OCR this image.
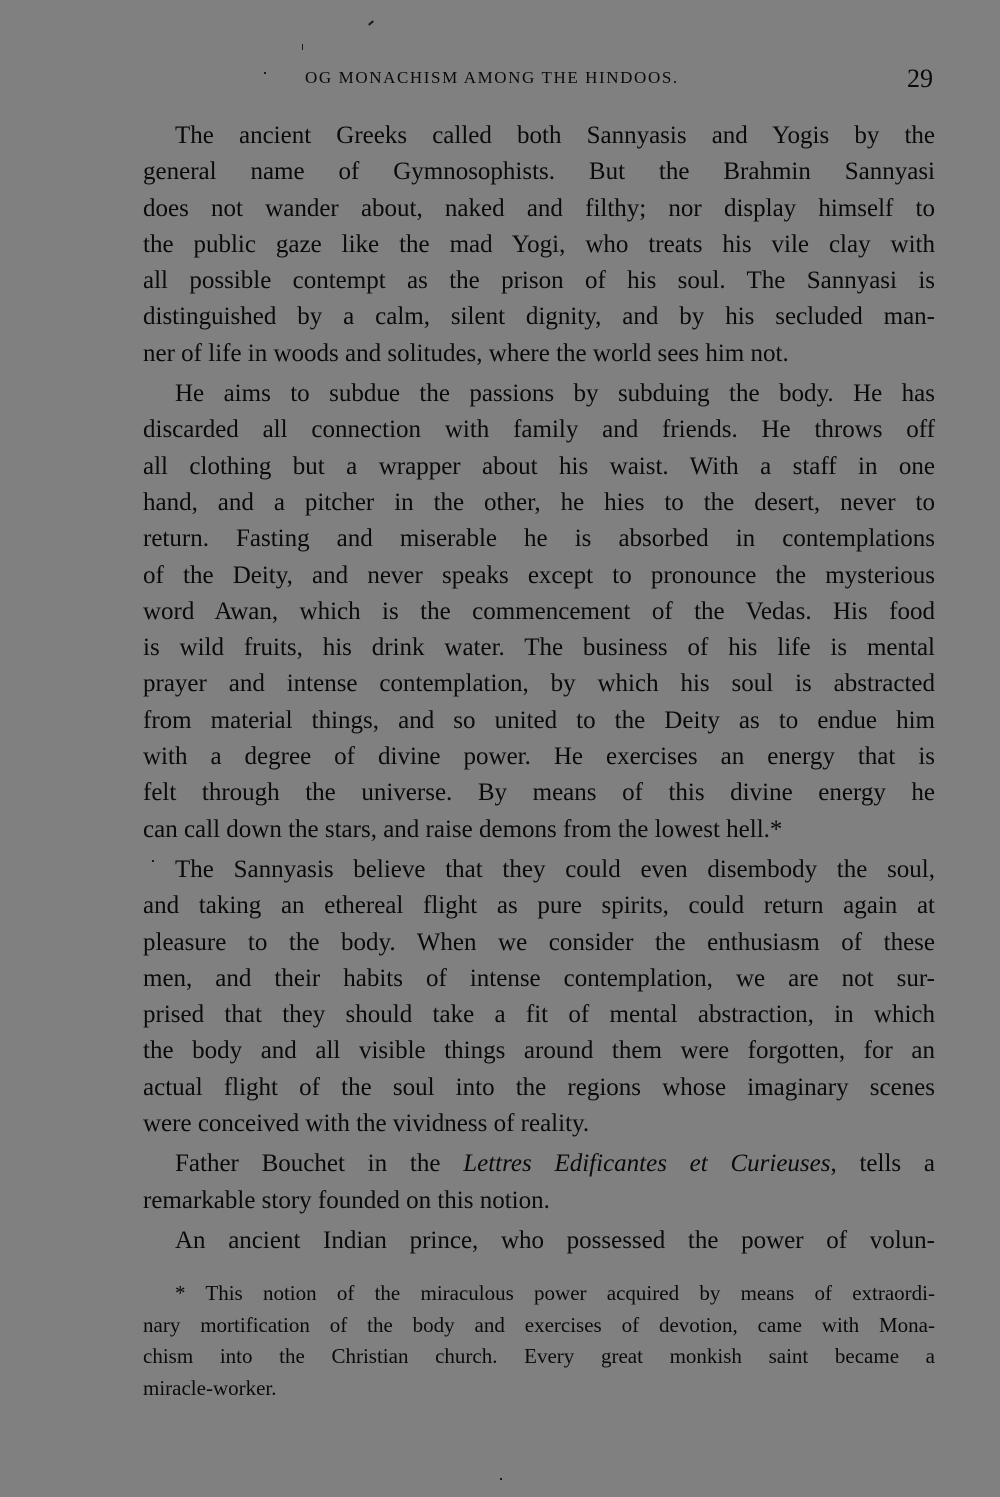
OG MONACHISM AMONG THE HINDOOS.	29
The ancient Greeks called both Sannyasis and Yogis by the
general name of Gymnosophists. But the Brahmin Sannyasi
does not wander about, naked and filthy; nor display himself to
the public gaze like the mad Yogi, who treats his vile clay with
all possible contempt as the prison of his soul. The Sannyasi is
distinguished by a calm, silent dignity, and by his secluded man-
ner of life in woods and solitudes, where the world sees him not.
He aims to subdue the passions by subduing the body. He has
discarded all connection with family and friends. He throws off
all clothing but a wrapper about his waist. With a staff in one
hand, and a pitcher in the other, he hies to the desert, never to
return. Fasting and miserable he is absorbed in contemplations
of the Deity, and never speaks except to pronounce the mysterious
word Awan, which is the commencement of the Vedas. His food
is wild fruits, his drink water. The business of his life is mental
prayer and intense contemplation, by which his soul is abstracted
from material things, and so united to the Deity as to endue him
with a degree of divine power. He exercises an energy that is
felt through the universe. By means of this divine energy he
can call down the stars, and raise demons from the lowest hell.*
The Sannyasis believe that they could even disembody the soul,
and taking an ethereal flight as pure spirits, could return again at
pleasure to the body. When we consider the enthusiasm of these
men, and their habits of intense contemplation, we are not sur-
prised that they should take a fit of mental abstraction, in which
the body and all visible things around them were forgotten, for an
actual flight of the soul into the regions whose imaginary scenes
were conceived with the vividness of reality.
Father Bouchet in the Lettres Edificantes et Curieuses, tells a
remarkable story founded on this notion.
An ancient Indian prince, who possessed the power of volun-
* This notion of the miraculous power acquired by means of extraordi-
nary mortification of the body and exercises of devotion, came with Mona-
chism into the Christian church. Every great monkish saint became a
miracle-worker.
